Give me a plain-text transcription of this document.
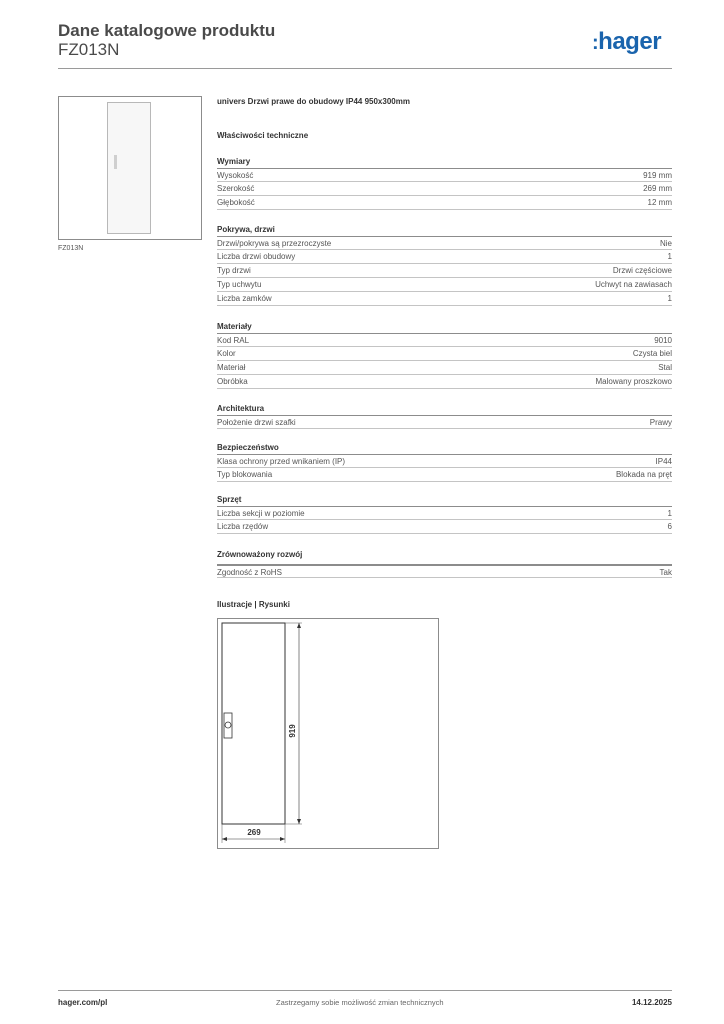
Dane katalogowe produktu
FZ013N	:hager
FZ013N
univers Drzwi prawe do obudowy IP44 950x300mm
Właściwości techniczne
Wymiary
Wysokość	919 mm
Szerokość	269 mm
Głębokość	12 mm
Pokrywa, drzwi
Drzwi/pokrywa są przezroczyste	Nie
Liczba drzwi obudowy	1
Typ drzwi	Drzwi częściowe
Typ uchwytu	Uchwyt na zawiasach
Liczba zamków	1
Materiały
Kod RAL	9010
Kolor	Czysta biel
Materiał	Stal
Obróbka	Malowany proszkowo
Architektura
Położenie drzwi szafki	Prawy
Bezpieczeństwo
Klasa ochrony przed wnikaniem (IP)	IP44
Typ blokowania	Blokada na pręt
Sprzęt
Liczba sekcji w poziomie	1
Liczba rzędów	6
Zrównoważony rozwój
Zgodność z RoHS	Tak
Ilustracje | Rysunki
919
269
hager.com/pl	Zastrzegamy sobie możliwość zmian technicznych	14.12.2025
